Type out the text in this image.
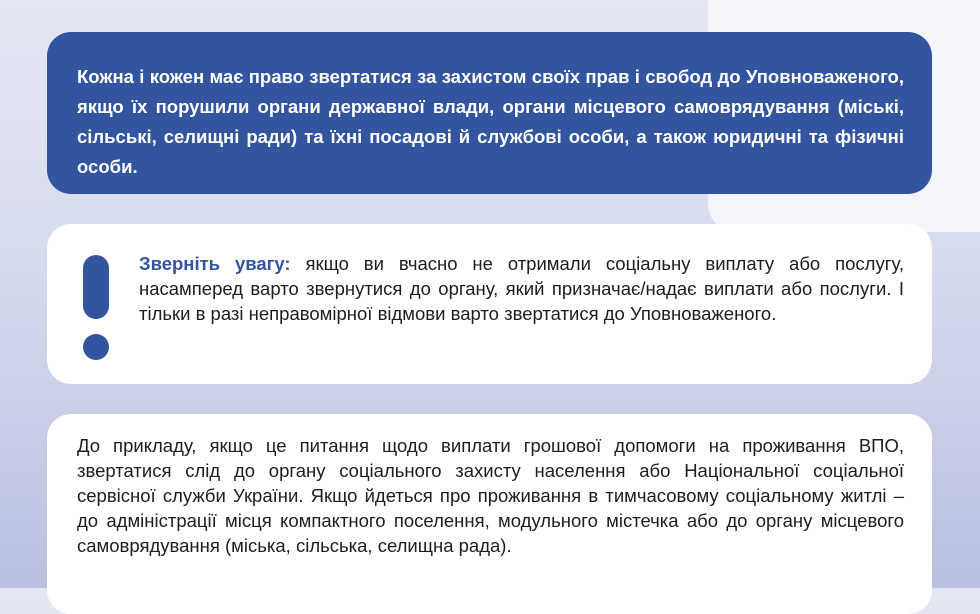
Кожна і кожен має право звертатися за захистом своїх прав і свобод до Уповноваженого, якщо їх порушили органи державної влади, органи місцевого самоврядування (міські, сільські, селищні ради) та їхні посадові й службові особи, а також юридичні та фізичні особи.
Зверніть увагу: якщо ви вчасно не отримали соціальну виплату або послугу, насамперед варто звернутися до органу, який призначає/надає виплати або послуги. І тільки в разі неправомірної відмови варто звертатися до Уповноваженого.
До прикладу, якщо це питання щодо виплати грошової допомоги на проживання ВПО, звертатися слід до органу соціального захисту населення або Національної соціальної сервісної служби України. Якщо йдеться про проживання в тимчасовому соціальному житлі – до адміністрації місця компактного поселення, модульного містечка або до органу місцевого самоврядування (міська, сільська, селищна рада).
